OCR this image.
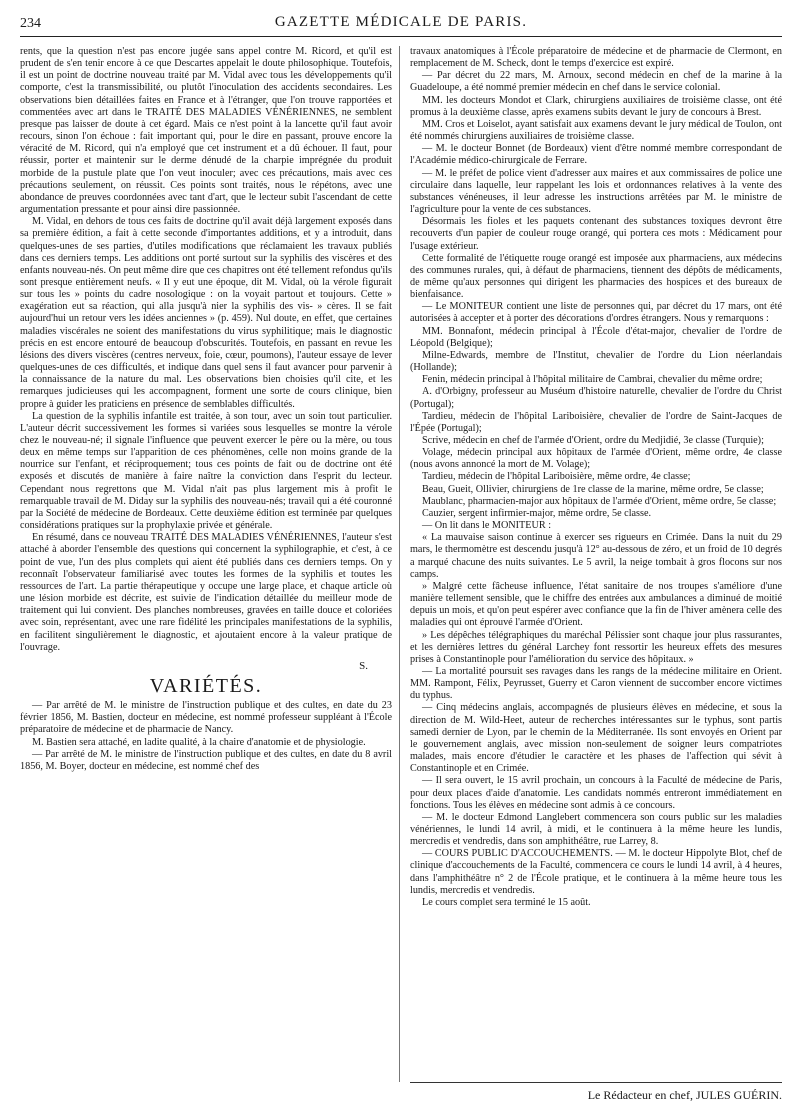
234	GAZETTE MÉDICALE DE PARIS.

rents, que la question n'est pas encore jugée sans appel contre M. Ricord, et qu'il est prudent de s'en tenir encore à ce que Descartes appelait le doute philosophique. Toutefois, il est un point de doctrine nouveau traité par M. Vidal avec tous les développements qu'il comporte, c'est la transmissibilité, ou plutôt l'inoculation des accidents secondaires. Les observations bien détaillées faites en France et à l'étranger, que l'on trouve rapportées et commentées avec art dans le TRAITÉ DES MALADIES VÉNÉRIENNES, ne semblent presque pas laisser de doute à cet égard. Mais ce n'est point à la lancette qu'il faut avoir recours, sinon l'on échoue : fait important qui, pour le dire en passant, prouve encore la véracité de M. Ricord, qui n'a employé que cet instrument et a dû échouer. Il faut, pour réussir, porter et maintenir sur le derme dénudé de la charpie imprégnée du produit morbide de la pustule plate que l'on veut inoculer; avec ces précautions, mais avec ces précautions seulement, on réussit. Ces points sont traités, nous le répétons, avec une abondance de preuves coordonnées avec tant d'art, que le lecteur subit l'ascendant de cette argumentation pressante et pour ainsi dire passionnée.

M. Vidal, en dehors de tous ces faits de doctrine qu'il avait déjà largement exposés dans sa première édition, a fait à cette seconde d'importantes additions, et y a introduit, dans quelques-unes de ses parties, d'utiles modifications que réclamaient les travaux publiés dans ces derniers temps. Les additions ont porté surtout sur la syphilis des viscères et des enfants nouveau-nés. On peut même dire que ces chapitres ont été tellement refondus qu'ils sont presque entièrement neufs. « Il y eut une époque, dit M. Vidal, où la vérole figurait sur tous les » points du cadre nosologique : on la voyait partout et toujours. Cette » exagération eut sa réaction, qui alla jusqu'à nier la syphilis des vis- » cères. Il se fait aujourd'hui un retour vers les idées anciennes » (p. 459). Nul doute, en effet, que certaines maladies viscérales ne soient des manifestations du virus syphilitique; mais le diagnostic précis en est encore entouré de beaucoup d'obscurités. Toutefois, en passant en revue les lésions des divers viscères (centres nerveux, foie, cœur, poumons), l'auteur essaye de lever quelques-unes de ces difficultés, et indique dans quel sens il faut avancer pour parvenir à la connaissance de la nature du mal. Les observations bien choisies qu'il cite, et les remarques judicieuses qui les accompagnent, forment une sorte de cours clinique, bien propre à guider les praticiens en présence de semblables difficultés.

La question de la syphilis infantile est traitée, à son tour, avec un soin tout particulier. L'auteur décrit successivement les formes si variées sous lesquelles se montre la vérole chez le nouveau-né; il signale l'influence que peuvent exercer le père ou la mère, ou tous deux en même temps sur l'apparition de ces phénomènes, celle non moins grande de la nourrice sur l'enfant, et réciproquement; tous ces points de fait ou de doctrine ont été exposés et discutés de manière à faire naître la conviction dans l'esprit du lecteur. Cependant nous regrettons que M. Vidal n'ait pas plus largement mis à profit le remarquable travail de M. Diday sur la syphilis des nouveau-nés; travail qui a été couronné par la Société de médecine de Bordeaux. Cette deuxième édition est terminée par quelques considérations pratiques sur la prophylaxie privée et générale.

En résumé, dans ce nouveau TRAITÉ DES MALADIES VÉNÉRIENNES, l'auteur s'est attaché à aborder l'ensemble des questions qui concernent la syphilographie, et c'est, à ce point de vue, l'un des plus complets qui aient été publiés dans ces derniers temps. On y reconnaît l'observateur familiarisé avec toutes les formes de la syphilis et toutes les ressources de l'art. La partie thérapeutique y occupe une large place, et chaque article où une lésion morbide est décrite, est suivie de l'indication détaillée du meilleur mode de traitement qui lui convient. Des planches nombreuses, gravées en taille douce et coloriées avec soin, représentant, avec une rare fidélité les principales manifestations de la syphilis, en facilitent singulièrement le diagnostic, et ajoutaient encore à la valeur pratique de l'ouvrage.

S.
VARIÉTÉS.

— Par arrêté de M. le ministre de l'instruction publique et des cultes, en date du 23 février 1856, M. Bastien, docteur en médecine, est nommé professeur suppléant à l'École préparatoire de médecine et de pharmacie de Nancy.

M. Bastien sera attaché, en ladite qualité, à la chaire d'anatomie et de physiologie.

— Par arrêté de M. le ministre de l'instruction publique et des cultes, en date du 8 avril 1856, M. Boyer, docteur en médecine, est nommé chef des

travaux anatomiques à l'École préparatoire de médecine et de pharmacie de Clermont, en remplacement de M. Scheck, dont le temps d'exercice est expiré.

— Par décret du 22 mars, M. Arnoux, second médecin en chef de la marine à la Guadeloupe, a été nommé premier médecin en chef dans le service colonial.

MM. les docteurs Mondot et Clark, chirurgiens auxiliaires de troisième classe, ont été promus à la deuxième classe, après examens subits devant le jury de concours à Brest.

MM. Cros et Loiselot, ayant satisfait aux examens devant le jury médical de Toulon, ont été nommés chirurgiens auxiliaires de troisième classe.

— M. le docteur Bonnet (de Bordeaux) vient d'être nommé membre correspondant de l'Académie médico-chirurgicale de Ferrare.

— M. le préfet de police vient d'adresser aux maires et aux commissaires de police une circulaire dans laquelle, leur rappelant les lois et ordonnances relatives à la vente des substances vénéneuses, il leur adresse les instructions arrêtées par M. le ministre de l'agriculture pour la vente de ces substances.

Désormais les fioles et les paquets contenant des substances toxiques devront être recouverts d'un papier de couleur rouge orangé, qui portera ces mots : Médicament pour l'usage extérieur.

Cette formalité de l'étiquette rouge orangé est imposée aux pharmaciens, aux médecins des communes rurales, qui, à défaut de pharmaciens, tiennent des dépôts de médicaments, de même qu'aux personnes qui dirigent les pharmacies des hospices et des bureaux de bienfaisance.

— Le MONITEUR contient une liste de personnes qui, par décret du 17 mars, ont été autorisées à accepter et à porter des décorations d'ordres étrangers. Nous y remarquons :

MM. Bonnafont, médecin principal à l'École d'état-major, chevalier de l'ordre de Léopold (Belgique);

Milne-Edwards, membre de l'Institut, chevalier de l'ordre du Lion néerlandais (Hollande);

Fenin, médecin principal à l'hôpital militaire de Cambrai, chevalier du même ordre;

A. d'Orbigny, professeur au Muséum d'histoire naturelle, chevalier de l'ordre du Christ (Portugal);

Tardieu, médecin de l'hôpital Lariboisière, chevalier de l'ordre de Saint-Jacques de l'Épée (Portugal);

Scrive, médecin en chef de l'armée d'Orient, ordre du Medjidié, 3e classe (Turquie);

Volage, médecin principal aux hôpitaux de l'armée d'Orient, même ordre, 4e classe (nous avons annoncé la mort de M. Volage);

Tardieu, médecin de l'hôpital Lariboisière, même ordre, 4e classe;

Beau, Gueit, Ollivier, chirurgiens de 1re classe de la marine, même ordre, 5e classe;

Maublanc, pharmacien-major aux hôpitaux de l'armée d'Orient, même ordre, 5e classe;

Cauzier, sergent infirmier-major, même ordre, 5e classe.

— On lit dans le MONITEUR :

« La mauvaise saison continue à exercer ses rigueurs en Crimée. Dans la nuit du 29 mars, le thermomètre est descendu jusqu'à 12° au-dessous de zéro, et un froid de 10 degrés a marqué chacune des nuits suivantes. Le 5 avril, la neige tombait à gros flocons sur nos camps.

» Malgré cette fâcheuse influence, l'état sanitaire de nos troupes s'améliore d'une manière tellement sensible, que le chiffre des entrées aux ambulances a diminué de moitié depuis un mois, et qu'on peut espérer avec confiance que la fin de l'hiver amènera celle des maladies qui ont éprouvé l'armée d'Orient.

» Les dépêches télégraphiques du maréchal Pélissier sont chaque jour plus rassurantes, et les dernières lettres du général Larchey font ressortir les heureux effets des mesures prises à Constantinople pour l'amélioration du service des hôpitaux. »

— La mortalité poursuit ses ravages dans les rangs de la médecine militaire en Orient. MM. Rampont, Félix, Peyrusset, Guerry et Caron viennent de succomber encore victimes du typhus.

— Cinq médecins anglais, accompagnés de plusieurs élèves en médecine, et sous la direction de M. Wild-Heet, auteur de recherches intéressantes sur le typhus, sont partis samedi dernier de Lyon, par le chemin de la Méditerranée. Ils sont envoyés en Orient par le gouvernement anglais, avec mission non-seulement de soigner leurs compatriotes malades, mais encore d'étudier le caractère et les phases de l'affection qui sévit à Constantinople et en Crimée.

— Il sera ouvert, le 15 avril prochain, un concours à la Faculté de médecine de Paris, pour deux places d'aide d'anatomie. Les candidats nommés entreront immédiatement en fonctions. Tous les élèves en médecine sont admis à ce concours.

— M. le docteur Edmond Langlebert commencera son cours public sur les maladies vénériennes, le lundi 14 avril, à midi, et le continuera à la même heure les lundis, mercredis et vendredis, dans son amphithéâtre, rue Larrey, 8.

— COURS PUBLIC D'ACCOUCHEMENTS. — M. le docteur Hippolyte Blot, chef de clinique d'accouchements de la Faculté, commencera ce cours le lundi 14 avril, à 4 heures, dans l'amphithéâtre n° 2 de l'École pratique, et le continuera à la même heure tous les lundis, mercredis et vendredis.

Le cours complet sera terminé le 15 août.

Le Rédacteur en chef, JULES GUÉRIN.
